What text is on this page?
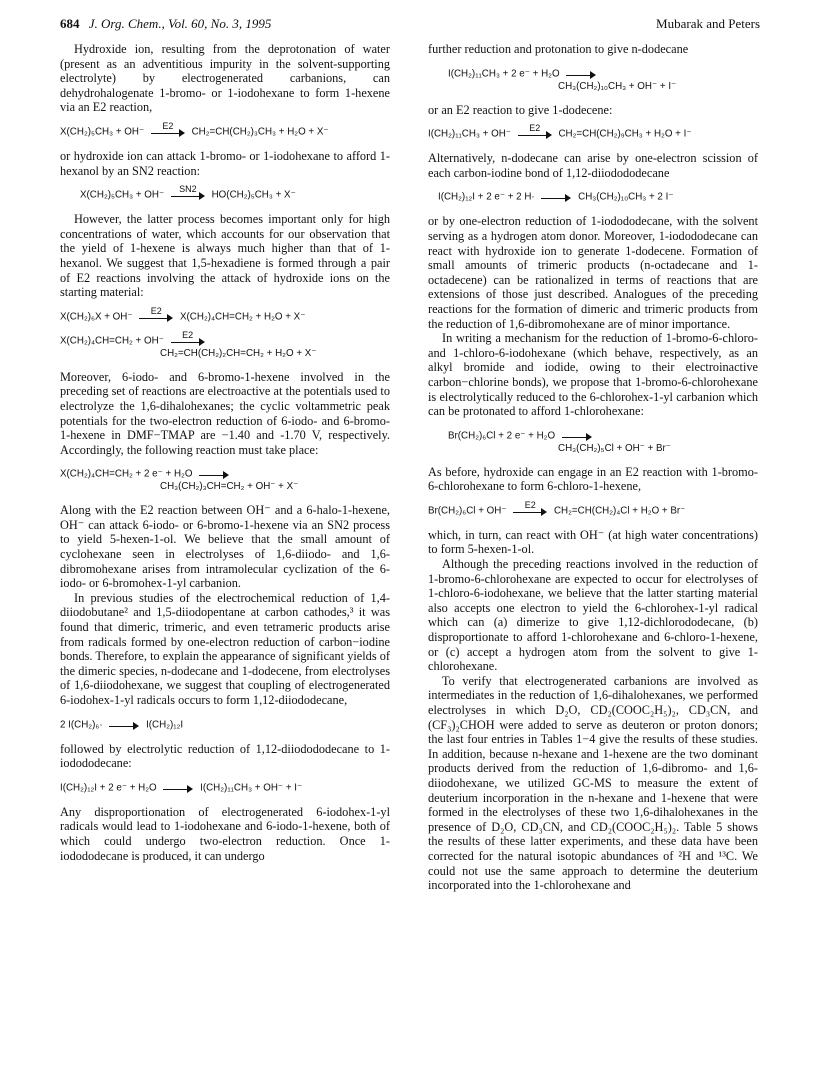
684 J. Org. Chem., Vol. 60, No. 3, 1995	Mubarak and Peters

Hydroxide ion, resulting from the deprotonation of water (present as an adventitious impurity in the solvent-supporting electrolyte) by electrogenerated carbanions, can dehydrohalogenate 1-bromo- or 1-iodohexane to form 1-hexene via an E2 reaction,

X(CH₂)₅CH₃ + OH⁻
E2
CH₂=CH(CH₂)₃CH₃ + H₂O + X⁻

or hydroxide ion can attack 1-bromo- or 1-iodohexane to afford 1-hexanol by an SN2 reaction:

X(CH₂)₅CH₃ + OH⁻
SN2
HO(CH₂)₅CH₃ + X⁻

However, the latter process becomes important only for high concentrations of water, which accounts for our observation that the yield of 1-hexene is always much higher than that of 1-hexanol. We suggest that 1,5-hexadiene is formed through a pair of E2 reactions involving the attack of hydroxide ions on the starting material:

X(CH₂)₆X + OH⁻
E2
X(CH₂)₄CH=CH₂ + H₂O + X⁻
X(CH₂)₄CH=CH₂ + OH⁻
E2
CH₂=CH(CH₂)₂CH=CH₂ + H₂O + X⁻

Moreover, 6-iodo- and 6-bromo-1-hexene involved in the preceding set of reactions are electroactive at the potentials used to electrolyze the 1,6-dihalohexanes; the cyclic voltammetric peak potentials for the two-electron reduction of 6-iodo- and 6-bromo-1-hexene in DMF−TMAP are −1.40 and -1.70 V, respectively. Accordingly, the following reaction must take place:

X(CH₂)₄CH=CH₂ + 2 e⁻ + H₂O
CH₃(CH₂)₃CH=CH₂ + OH⁻ + X⁻

Along with the E2 reaction between OH⁻ and a 6-halo-1-hexene, OH⁻ can attack 6-iodo- or 6-bromo-1-hexene via an SN2 process to yield 5-hexen-1-ol. We believe that the small amount of cyclohexane seen in electrolyses of 1,6-diiodo- and 1,6-dibromohexane arises from intramolecular cyclization of the 6-iodo- or 6-bromohex-1-yl carbanion.

In previous studies of the electrochemical reduction of 1,4-diiodobutane² and 1,5-diiodopentane at carbon cathodes,³ it was found that dimeric, trimeric, and even tetrameric products arise from radicals formed by one-electron reduction of carbon−iodine bonds. Therefore, to explain the appearance of significant yields of the dimeric species, n-dodecane and 1-dodecene, from electrolyses of 1,6-diiodohexane, we suggest that coupling of electrogenerated 6-iodohex-1-yl radicals occurs to form 1,12-diiododecane,

2 I(CH₂)₆·	I(CH₂)₁₂I

followed by electrolytic reduction of 1,12-diiodododecane to 1-iodododecane:

I(CH₂)₁₂I + 2 e⁻ + H₂O	I(CH₂)₁₁CH₃ + OH⁻ + I⁻

Any disproportionation of electrogenerated 6-iodohex-1-yl radicals would lead to 1-iodohexane and 6-iodo-1-hexene, both of which could undergo two-electron reduction. Once 1-iodododecane is produced, it can undergo

further reduction and protonation to give n-dodecane

I(CH₂)₁₁CH₃ + 2 e⁻ + H₂O
CH₃(CH₂)₁₀CH₃ + OH⁻ + I⁻

or an E2 reaction to give 1-dodecene:

I(CH₂)₁₁CH₃ + OH⁻
E2
CH₂=CH(CH₂)₉CH₃ + H₂O + I⁻

Alternatively, n-dodecane can arise by one-electron scission of each carbon-iodine bond of 1,12-diiodododecane

I(CH₂)₁₂I + 2 e⁻ + 2 H·	CH₃(CH₂)₁₀CH₃ + 2 I⁻

or by one-electron reduction of 1-iodododecane, with the solvent serving as a hydrogen atom donor. Moreover, 1-iodododecane can react with hydroxide ion to generate 1-dodecene. Formation of small amounts of trimeric products (n-octadecane and 1-octadecene) can be rationalized in terms of reactions that are extensions of those just described. Analogues of the preceding reactions for the formation of dimeric and trimeric products from the reduction of 1,6-dibromohexane are of minor importance.

In writing a mechanism for the reduction of 1-bromo-6-chloro- and 1-chloro-6-iodohexane (which behave, respectively, as an alkyl bromide and iodide, owing to their electroinactive carbon−chlorine bonds), we propose that 1-bromo-6-chlorohexane is electrolytically reduced to the 6-chlorohex-1-yl carbanion which can be protonated to afford 1-chlorohexane:

Br(CH₂)₆Cl + 2 e⁻ + H₂O
CH₃(CH₂)₅Cl + OH⁻ + Br⁻

As before, hydroxide can engage in an E2 reaction with 1-bromo-6-chlorohexane to form 6-chloro-1-hexene,

Br(CH₂)₆Cl + OH⁻
E2
CH₂=CH(CH₂)₄Cl + H₂O + Br⁻

which, in turn, can react with OH⁻ (at high water concentrations) to form 5-hexen-1-ol.

Although the preceding reactions involved in the reduction of 1-bromo-6-chlorohexane are expected to occur for electrolyses of 1-chloro-6-iodohexane, we believe that the latter starting material also accepts one electron to yield the 6-chlorohex-1-yl radical which can (a) dimerize to give 1,12-dichlorododecane, (b) disproportionate to afford 1-chlorohexane and 6-chloro-1-hexene, or (c) accept a hydrogen atom from the solvent to give 1-chlorohexane.

To verify that electrogenerated carbanions are involved as intermediates in the reduction of 1,6-dihalohexanes, we performed electrolyses in which D₂O, CD₂(COOC₂H₅)₂, CD₃CN, and (CF₃)₂CHOH were added to serve as deuteron or proton donors; the last four entries in Tables 1−4 give the results of these studies. In addition, because n-hexane and 1-hexene are the two dominant products derived from the reduction of 1,6-dibromo- and 1,6-diiodohexane, we utilized GC-MS to measure the extent of deuterium incorporation in the n-hexane and 1-hexene that were formed in the electrolyses of these two 1,6-dihalohexanes in the presence of D₂O, CD₃CN, and CD₂(COOC₂H₅)₂. Table 5 shows the results of these latter experiments, and these data have been corrected for the natural isotopic abundances of ²H and ¹³C. We could not use the same approach to determine the deuterium incorporated into the 1-chlorohexane and
